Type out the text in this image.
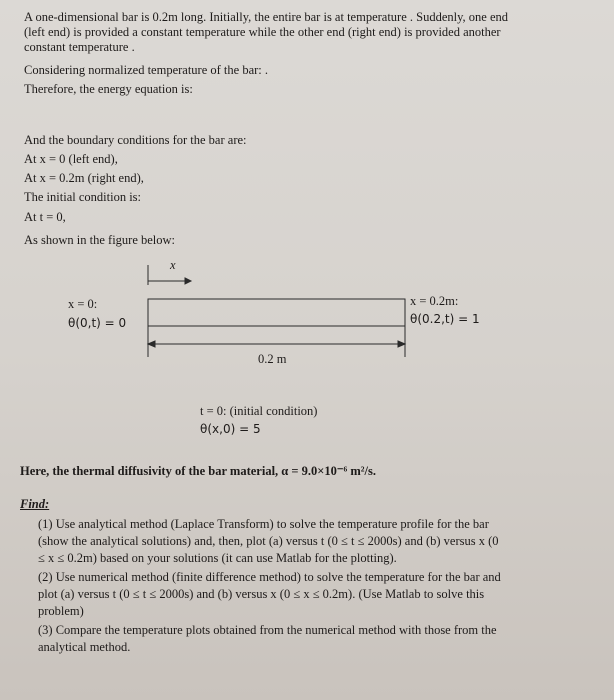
A one-dimensional bar is 0.2m long. Initially, the entire bar is at temperature . Suddenly, one end
(left end) is provided a constant temperature while the other end (right end) is provided another
constant temperature .
Considering normalized temperature of the bar: .
Therefore, the energy equation is:
And the boundary conditions for the bar are:
At x = 0 (left end),
At x = 0.2m (right end),
The initial condition is:
At t = 0,
As shown in the figure below:
x
x = 0:
θ(0,t) = 0
x = 0.2m:
θ(0.2,t) = 1
0.2 m
t = 0: (initial condition)
θ(x,0) = 5
Here, the thermal diffusivity of the bar material, α = 9.0×10⁻⁶ m²/s.
Find:
(1) Use analytical method (Laplace Transform) to solve the temperature profile for the bar
(show the analytical solutions) and, then, plot (a) versus t (0 ≤ t ≤ 2000s) and (b) versus x (0
≤ x ≤ 0.2m) based on your solutions (it can use Matlab for the plotting).
(2) Use numerical method (finite difference method) to solve the temperature for the bar and
plot (a) versus t (0 ≤ t ≤ 2000s) and (b) versus x (0 ≤ x ≤ 0.2m). (Use Matlab to solve this
problem)
(3) Compare the temperature plots obtained from the numerical method with those from the
analytical method.
